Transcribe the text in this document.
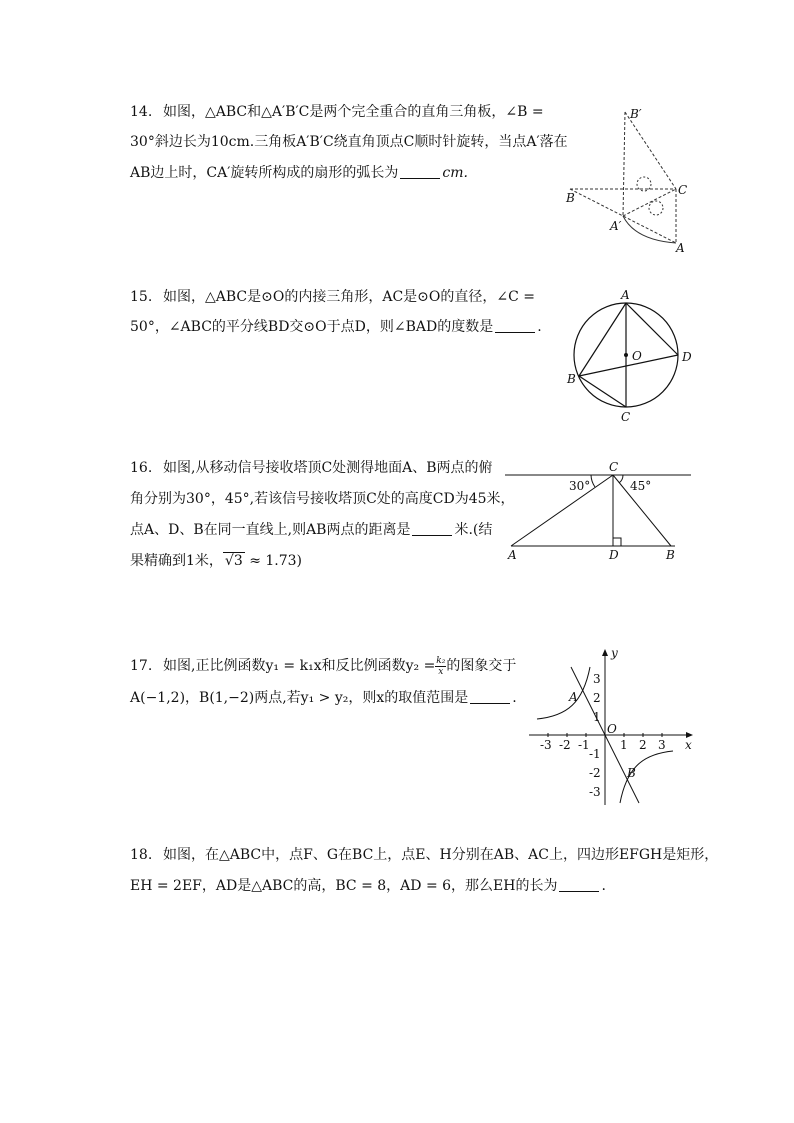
14. 如图，△ABC和△A′B′C是两个完全重合的直角三角板，∠B =
30°斜边长为10cm.三角板A′B′C绕直角顶点C顺时针旋转，当点A′落在
AB边上时，CA′旋转所构成的扇形的弧长为	cm.
B′
B
C
A′
A
15. 如图，△ABC是⊙O的内接三角形，AC是⊙O的直径，∠C =
50°，∠ABC的平分线BD交⊙O于点D，则∠BAD的度数是	.
A
O	D
B
C
16. 如图,从移动信号接收塔顶C处测得地面A、B两点的俯
角分别为30°，45°,若该信号接收塔顶C处的高度CD为45米，
点A、D、B在同一直线上,则AB两点的距离是	米.(结
果精确到1米， √3 ≈ 1.73)
C
30°	45°
A	D	B
17. 如图,正比例函数y₁ = k₁x和反比例函数$y_2 = \frac{\text{k₂}}{x}$ 的图象交于
A(−1,2)，B(1,−2)两点,若y₁ > y₂，则x的取值范围是	.
-3 -2 -1	1 2 3
3
2
1
-1
-2
-3
y
x
O
A
B
18. 如图，在△ABC中，点F、G在BC上，点E、H分别在AB、AC上，四边形EFGH是矩形，
EH = 2EF，AD是△ABC的高，BC = 8，AD = 6，那么EH的长为	.
